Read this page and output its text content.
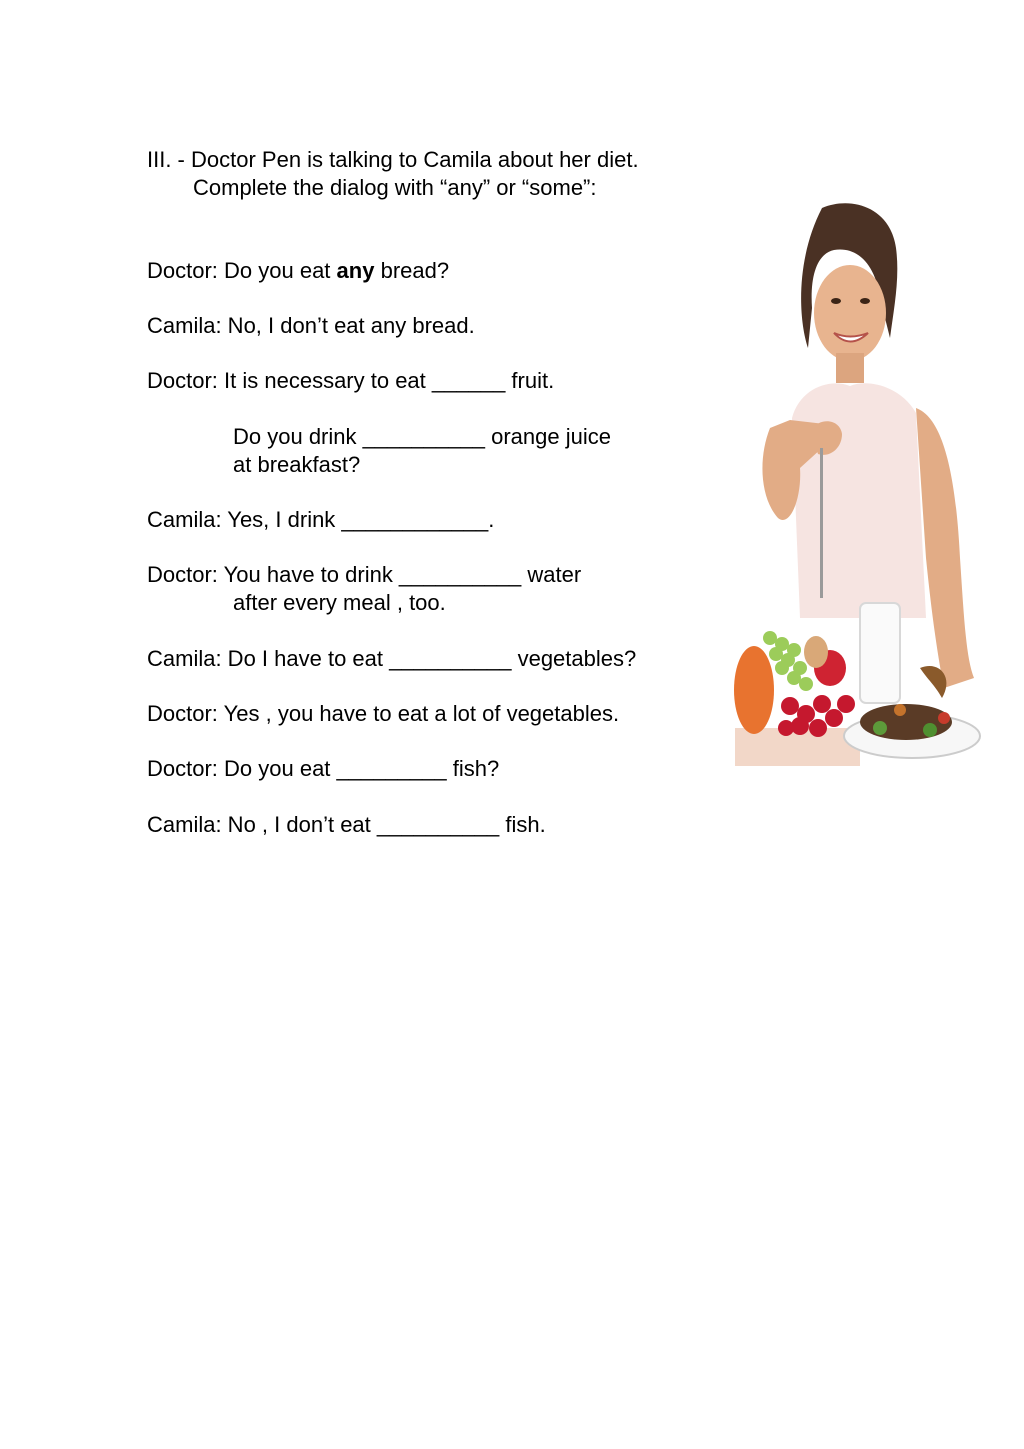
III. - Doctor Pen is talking to Camila about her diet.
Complete the dialog with “any” or “some”:
Doctor: Do you eat any bread?
Camila: No, I don’t eat any bread.
Doctor: It is necessary to eat ______ fruit.
Do you drink __________ orange juice
at breakfast?
Camila: Yes, I drink ____________.
Doctor: You have to drink __________ water
after every meal , too.
Camila: Do I have to eat __________ vegetables?
Doctor: Yes , you have to eat a lot of vegetables.
Doctor: Do you eat _________ fish?
Camila: No , I don’t eat __________ fish.
